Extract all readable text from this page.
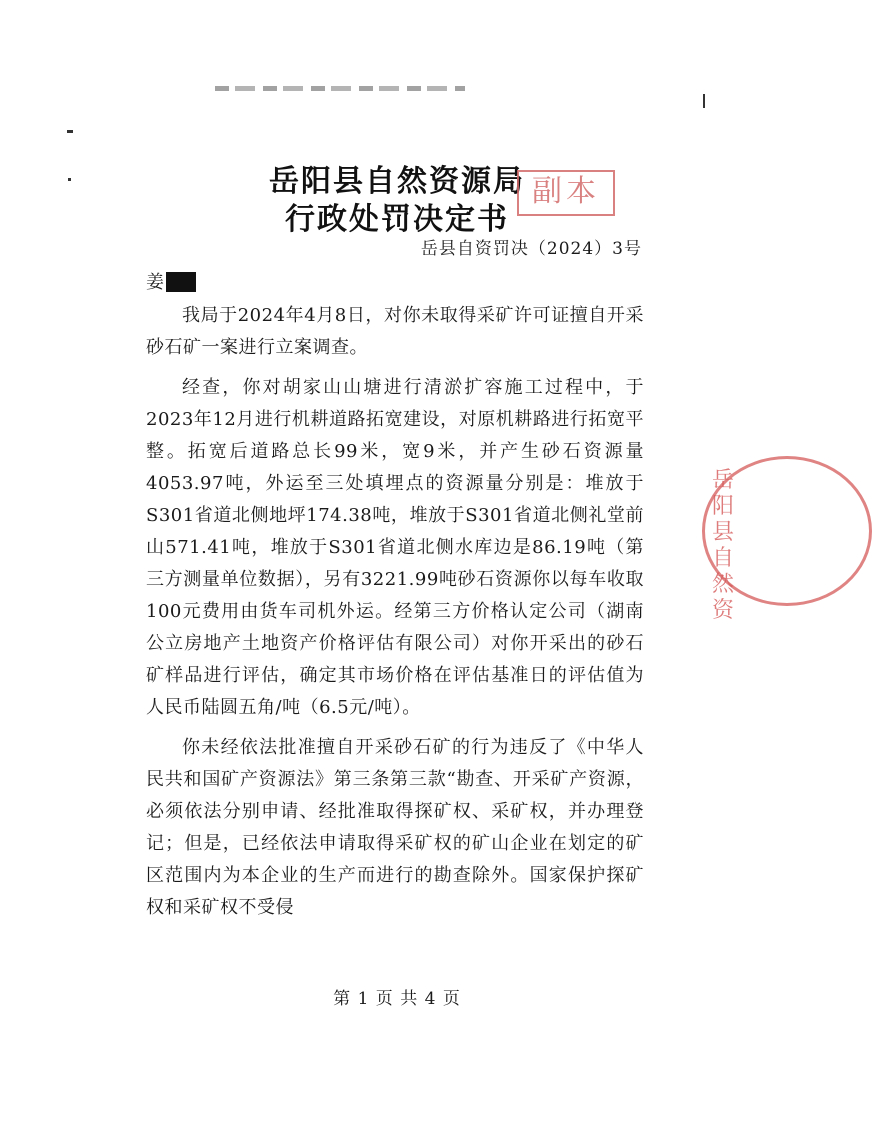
岳阳县自然资源局
行政处罚决定书
副本
岳县自资罚决（2024）3号
姜

我局于2024年4月8日，对你未取得采矿许可证擅自开采砂石矿一案进行立案调查。

经查，你对胡家山山塘进行清淤扩容施工过程中，于2023年12月进行机耕道路拓宽建设，对原机耕路进行拓宽平整。拓宽后道路总长99米，宽9米，并产生砂石资源量4053.97吨，外运至三处填埋点的资源量分别是：堆放于S301省道北侧地坪174.38吨，堆放于S301省道北侧礼堂前山571.41吨，堆放于S301省道北侧水库边是86.19吨（第三方测量单位数据），另有3221.99吨砂石资源你以每车收取100元费用由货车司机外运。经第三方价格认定公司（湖南公立房地产土地资产价格评估有限公司）对你开采出的砂石矿样品进行评估，确定其市场价格在评估基准日的评估值为人民币陆圆五角/吨（6.5元/吨）。

你未经依法批准擅自开采砂石矿的行为违反了《中华人民共和国矿产资源法》第三条第三款“勘查、开采矿产资源，必须依法分别申请、经批准取得探矿权、采矿权，并办理登记；但是，已经依法申请取得采矿权的矿山企业在划定的矿区范围内为本企业的生产而进行的勘查除外。国家保护探矿权和采矿权不受侵

岳阳县自然资
第 1 页 共 4 页
